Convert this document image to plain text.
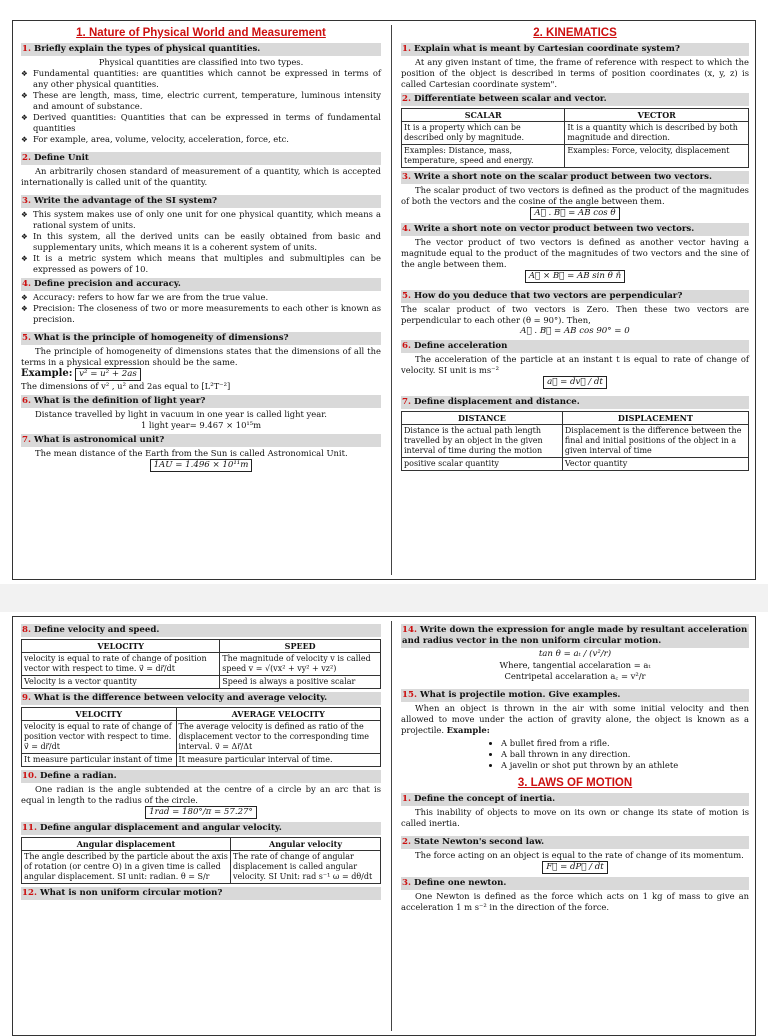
1. Nature of Physical World and Measurement
1. Briefly explain the types of physical quantities.

Physical quantities are classified into two types.

❖ Fundamental quantities: are quantities which cannot be expressed in terms of any other physical quantities.
❖ These are length, mass, time, electric current, temperature, luminous intensity and amount of substance.
❖ Derived quantities: Quantities that can be expressed in terms of fundamental quantities
❖ For example, area, volume, velocity, acceleration, force, etc.
2. Define Unit

An arbitrarily chosen standard of measurement of a quantity, which is accepted internationally is called unit of the quantity.

3. Write the advantage of the SI system?
❖ This system makes use of only one unit for one physical quantity, which means a rational system of units.
❖ In this system, all the derived units can be easily obtained from basic and supplementary units, which means it is a coherent system of units.
❖ It is a metric system which means that multiples and submultiples can be expressed as powers of 10.
4. Define precision and accuracy.
❖ Accuracy: refers to how far we are from the true value.
❖ Precision: The closeness of two or more measurements to each other is known as precision.
5. What is the principle of homogeneity of dimensions?

The principle of homogeneity of dimensions states that the dimensions of all the terms in a physical expression should be the same.

Example: v² = u² + 2as

The dimensions of v² , u² and 2as equal to [L²T⁻²]

6. What is the definition of light year?

Distance travelled by light in vacuum in one year is called light year.

1 light year= 9.467 × 10¹⁵m

7. What is astronomical unit?

The mean distance of the Earth from the Sun is called Astronomical Unit.

1AU = 1.496 × 10¹¹m

2. KINEMATICS
1. Explain what is meant by Cartesian coordinate system?

At any given instant of time, the frame of reference with respect to which the position of the object is described in terms of position coordinates (x, y, z) is called Cartesian coordinate system".

2. Differentiate between scalar and vector.
SCALAR	VECTOR
It is a property which can be described only by magnitude.	It is a quantity which is described by both magnitude and direction.
Examples: Distance, mass, temperature, speed and energy.	Examples: Force, velocity, displacement
3. Write a short note on the scalar product between two vectors.

The scalar product of two vectors is defined as the product of the magnitudes of both the vectors and the cosine of the angle between them.

A⃗ . B⃗ = AB cos θ

4. Write a short note on vector product between two vectors.

The vector product of two vectors is defined as another vector having a magnitude equal to the product of the magnitudes of two vectors and the sine of the angle between them.

A⃗ × B⃗ = AB sin θ n̂

5. How do you deduce that two vectors are perpendicular?

The scalar product of two vectors is Zero. Then these two vectors are perpendicular to each other (θ = 90°). Then,

A⃗ . B⃗ = AB cos 90° = 0

6. Define acceleration

The acceleration of the particle at an instant t is equal to rate of change of velocity. SI unit is ms⁻²

a⃗ = dv⃗ / dt

7. Define displacement and distance.
DISTANCE	DISPLACEMENT
Distance is the actual path length travelled by an object in the given interval of time during the motion	Displacement is the difference between the final and initial positions of the object in a given interval of time
positive scalar quantity	Vector quantity
8. Define velocity and speed.
VELOCITY	SPEED
velocity is equal to rate of change of position vector with respect to time. v⃗ = dr⃗/dt	The magnitude of velocity v is called speed v = √(vx² + vy² + vz²)
Velocity is a vector quantity	Speed is always a positive scalar
9. What is the difference between velocity and average velocity.
VELOCITY	AVERAGE VELOCITY
velocity is equal to rate of change of position vector with respect to time. v⃗ = dr⃗/dt	The average velocity is defined as ratio of the displacement vector to the corresponding time interval. v⃗ = Δr⃗/Δt
It measure particular instant of time	It measure particular interval of time.
10. Define a radian.

One radian is the angle subtended at the centre of a circle by an arc that is equal in length to the radius of the circle.

1rad = 180°/π = 57.27°

11. Define angular displacement and angular velocity.
Angular displacement	Angular velocity
The angle described by the particle about the axis of rotation (or centre O) in a given time is called angular displacement. SI unit: radian. θ = S/r	The rate of change of angular displacement is called angular velocity. SI Unit: rad s⁻¹ ω = dθ/dt
12. What is non uniform circular motion?
14. Write down the expression for angle made by resultant acceleration and radius vector in the non uniform circular motion.

tan θ = aₜ / (v²/r)

Where, tangential accelaration = aₜ

Centripetal accelaration a꜀ = v²/r

15. What is projectile motion. Give examples.

When an object is thrown in the air with some initial velocity and then allowed to move under the action of gravity alone, the object is known as a projectile. Example:

• A bullet fired from a rifle.
• A ball thrown in any direction.
• A javelin or shot put thrown by an athlete
3. LAWS OF MOTION
1. Define the concept of inertia.

This inability of objects to move on its own or change its state of motion is called inertia.

2. State Newton's second law.

The force acting on an object is equal to the rate of change of its momentum.

F⃗ = dP⃗ / dt

3. Define one newton.

One Newton is defined as the force which acts on 1 kg of mass to give an acceleration 1 m s⁻² in the direction of the force.
